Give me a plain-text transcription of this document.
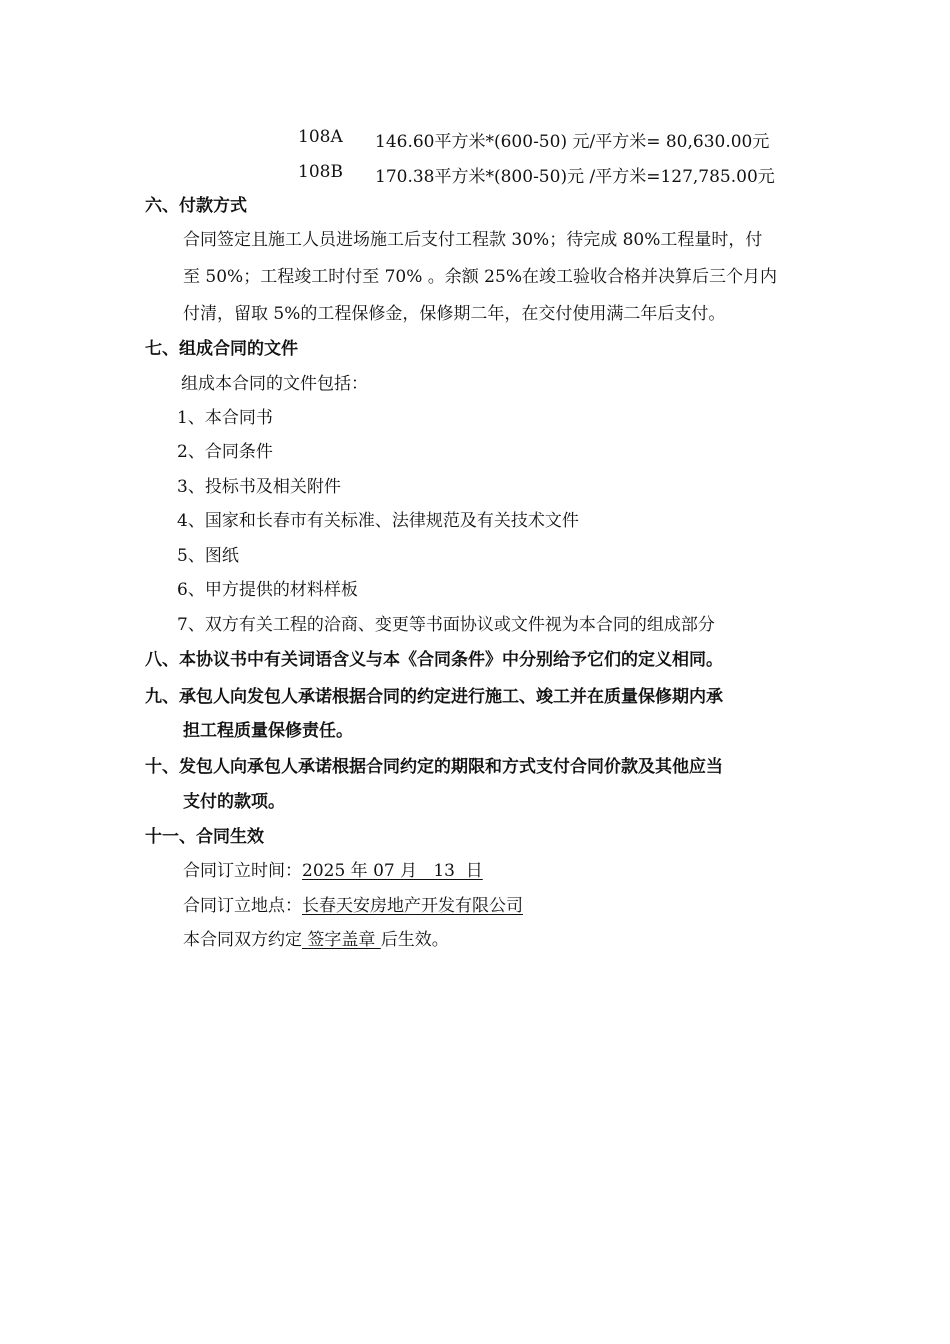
108A 146.60平方米*(600-50) 元/平方米= 80,630.00元
108B 170.38平方米*(800-50)元 /平方米=127,785.00元
六、付款方式
合同签定且施工人员进场施工后支付工程款 30%；待完成 80%工程量时，付
至 50%；工程竣工时付至 70% 。余额 25%在竣工验收合格并决算后三个月内
付清，留取 5%的工程保修金，保修期二年，在交付使用满二年后支付。
七、组成合同的文件
组成本合同的文件包括：
1、本合同书
2、合同条件
3、投标书及相关附件
4、国家和长春市有关标准、法律规范及有关技术文件
5、图纸
6、甲方提供的材料样板
7、双方有关工程的洽商、变更等书面协议或文件视为本合同的组成部分
八、本协议书中有关词语含义与本《合同条件》中分别给予它们的定义相同。
九、承包人向发包人承诺根据合同的约定进行施工、竣工并在质量保修期内承
担工程质量保修责任。
十、发包人向承包人承诺根据合同约定的期限和方式支付合同价款及其他应当
支付的款项。
十一、合同生效
合同订立时间：2025 年 07 月   13  日
合同订立地点：长春天安房地产开发有限公司
本合同双方约定 签字盖章 后生效。
